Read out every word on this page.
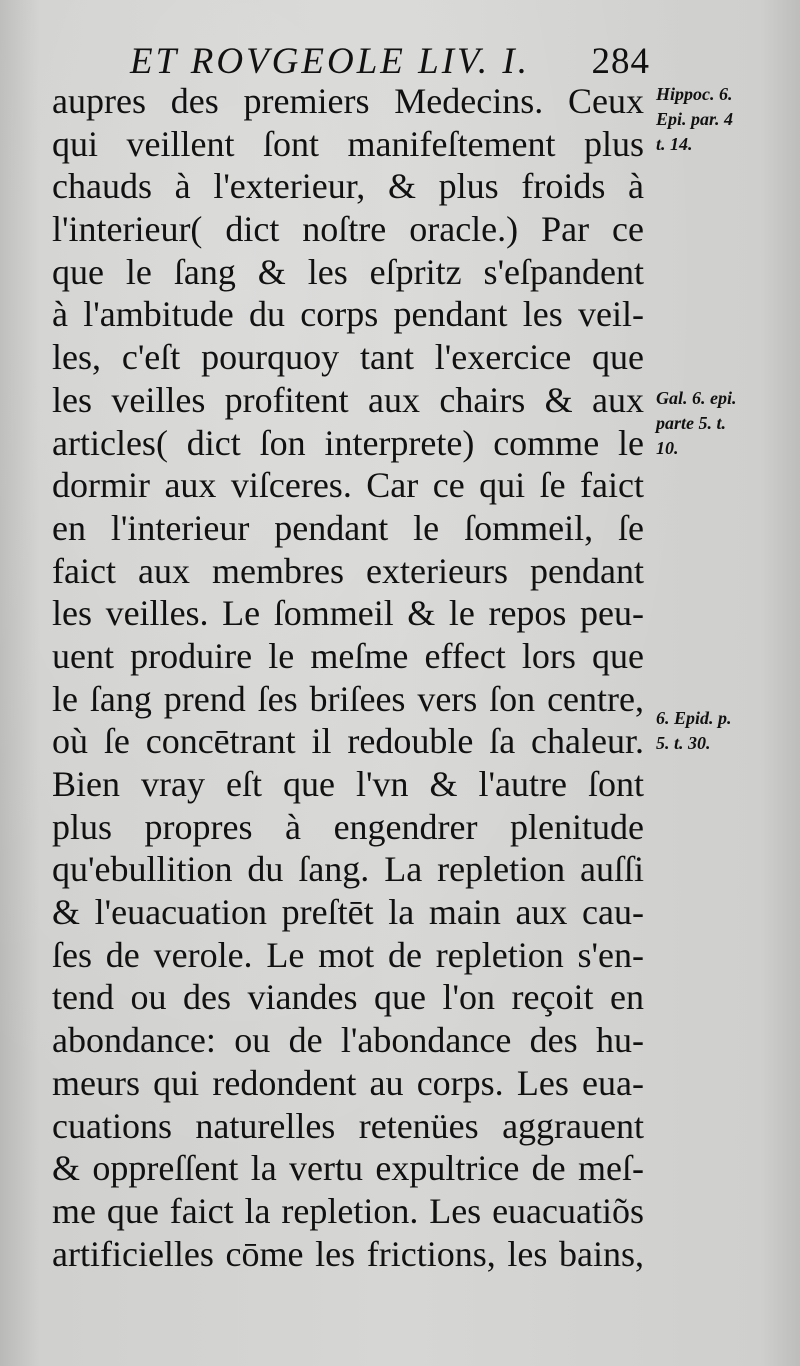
ET ROVGEOLE LIV. I. 284
aupres des premiers Medecins. Ceux
qui veillent ſont manifeſtement plus
chauds à l'exterieur, & plus froids à
l'interieur( dict noſtre oracle.) Par ce
que le ſang & les eſpritz s'eſpandent
à l'ambitude du corps pendant les veil-
les, c'eſt pourquoy tant l'exercice que
les veilles profitent aux chairs & aux
articles( dict ſon interprete) comme le
dormir aux viſceres. Car ce qui ſe faict
en l'interieur pendant le ſommeil, ſe
faict aux membres exterieurs pendant
les veilles. Le ſommeil & le repos peu-
uent produire le meſme effect lors que
le ſang prend ſes briſees vers ſon centre,
où ſe concētrant il redouble ſa chaleur.
Bien vray eſt que l'vn & l'autre ſont
plus propres à engendrer plenitude
qu'ebullition du ſang. La repletion auſſi
& l'euacuation preſtēt la main aux cau-
ſes de verole. Le mot de repletion s'en-
tend ou des viandes que l'on reçoit en
abondance: ou de l'abondance des hu-
meurs qui redondent au corps. Les eua-
cuations naturelles retenües aggrauent
& oppreſſent la vertu expultrice de meſ-
me que faict la repletion. Les euacuatiõs
artificielles cōme les frictions, les bains,
Hippoc. 6.
Epi. par. 4
t. 14.
Gal. 6. epi.
parte 5. t.
10.
6. Epid. p.
5. t. 30.
